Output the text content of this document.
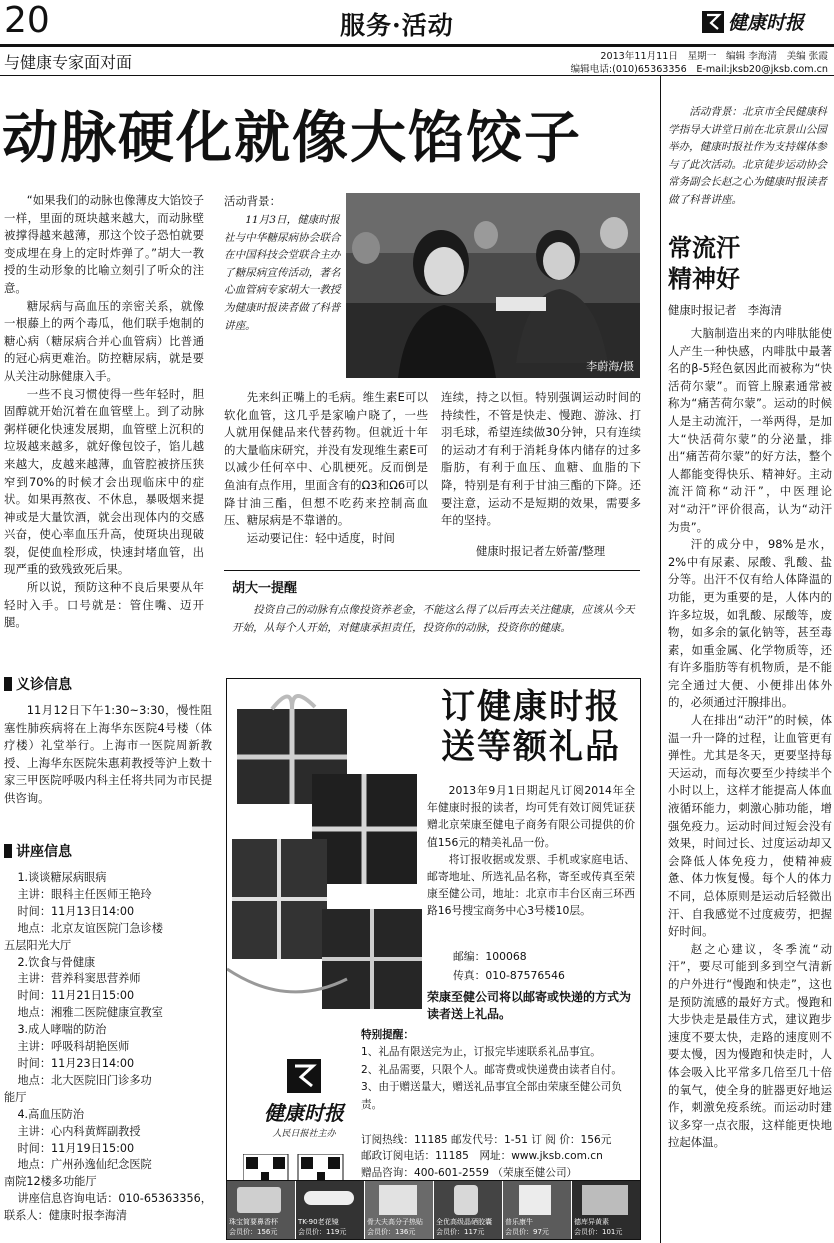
20	服务·活动	健康时报
与健康专家面对面	2013年11月11日　星期一　编辑 李海清　美编 张霞
编辑电话:(010)65363356　E-mail:jksb20@jksb.com.cn
动脉硬化就像大馅饺子

“如果我们的动脉也像薄皮大馅饺子一样，里面的斑块越来越大，而动脉壁被撑得越来越薄，那这个饺子恐怕就要变成埋在身上的定时炸弹了。”胡大一教授的生动形象的比喻立刻引了听众的注意。

糖尿病与高血压的亲密关系，就像一根藤上的两个毒瓜，他们联手炮制的糖心病（糖尿病合并心血管病）比普通的冠心病更难治。防控糖尿病，就是要从关注动脉健康入手。

一些不良习惯使得一些年轻时，胆固醇就开始沉着在血管壁上。到了动脉粥样硬化快速发展期，血管壁上沉积的垃圾越来越多，就好像包饺子，馅儿越来越大，皮越来越薄，血管腔被挤压狭窄到70%的时候才会出现临床中的症状。如果再熬夜、不休息，暴吸烟来提神或是大量饮酒，就会出现体内的交感兴奋，使心率血压升高，使斑块出现破裂，促使血栓形成，快速封堵血管，出现严重的致残致死后果。

所以说，预防这种不良后果要从年轻时入手。口号就是：管住嘴、迈开腿。

活动背景：

11月3日，健康时报社与中华糖尿病协会联合在中国科技会堂联合主办了糖尿病宣传活动，著名心血管病专家胡大一教授为健康时报读者做了科普讲座。

李蔚海/摄

先来纠正嘴上的毛病。维生素E可以软化血管，这几乎是家喻户晓了，一些人就用保健品来代替药物。但就近十年的大量临床研究，并没有发现维生素E可以减少任何卒中、心肌梗死。反而倒是鱼油有点作用，里面含有的Ω3和Ω6可以降甘油三酯，但想不吃药来控制高血压、糖尿病是不靠谱的。

运动要记住：轻中适度，时间

连续，持之以恒。特别强调运动时间的持续性，不管是快走、慢跑、游泳、打羽毛球，希望连续做30分钟，只有连续的运动才有利于消耗身体内储存的过多脂肪，有利于血压、血糖、血脂的下降，特别是有利于甘油三酯的下降。还要注意，运动不是短期的效果，需要多年的坚持。

健康时报记者左娇蕾/整理
胡大一提醒

投资自己的动脉有点像投资养老金，不能这么得了以后再去关注健康，应该从今天开始，从每个人开始，对健康承担责任，投资你的动脉，投资你的健康。

义诊信息

11月12日下午1:30~3:30，慢性阻塞性肺疾病将在上海华东医院4号楼（体疗楼）礼堂举行。上海市一医院周新教授、上海华东医院朱惠莉教授等沪上数十家三甲医院呼吸内科主任将共同为市民提供咨询。

讲座信息

1.谈谈糖尿病眼病

主讲：眼科主任医师王艳玲

时间：11月13日14:00

地点：北京友谊医院门急诊楼

五层阳光大厅

2.饮食与骨健康

主讲：营养科窦思营养师

时间：11月21日15:00

地点：湘雅二医院健康宣教室

3.成人哮喘的防治

主讲：呼吸科胡艳医师

时间：11月23日14:00

地点：北大医院旧门诊多功

能厅

4.高血压防治

主讲：心内科黄辉副教授

时间：11月19日15:00

地点：广州孙逸仙纪念医院

南院12楼多功能厅

讲座信息咨询电话：010-65363356，联系人：健康时报李海清

订健康时报
送等额礼品

2013年9月1日期起凡订阅2014年全年健康时报的读者，均可凭有效订阅凭证获赠北京荣康至健电子商务有限公司提供的价值156元的精美礼品一份。

将订报收据或发票、手机或家庭电话、邮寄地址、所选礼品名称，寄至或传真至荣康至健公司，地址：北京市丰台区南三环西路16号搜宝商务中心3号楼10层。

邮编：100068
传真：010-87576546
荣康至健公司将以邮寄或快递的方式为读者送上礼品。
特别提醒：
1、礼品有限送完为止，订报完毕速联系礼品事宜。
2、礼品需要，只限个人。邮寄费或快递费由读者自付。
3、由于赠送量大，赠送礼品事宜全部由荣康至健公司负责。
健康时报
人民日报社主办	订阅热线：11185 邮发代号：1-51 订 阅 价：156元
邮政订阅电话：11185　网址：www.jksb.com.cn
赠品咨询：400-601-2559 （荣康至健公司）
珠宝简要鼻香杯
会员价：156元
TK-90老花镜
会员价：119元
骨大夫高分子热贴
会员价：136元
全优高级晶硒胶囊
会员价：117元
普乐康牛
会员价：97元
德库异黄素
会员价：101元

活动背景：北京市全民健康科学指导大讲堂日前在北京景山公园举办，健康时报社作为支持媒体参与了此次活动。北京徒步运动协会常务副会长赵之心为健康时报读者做了科普讲座。

常流汗
精神好
健康时报记者　李海清

大脑制造出来的内啡肽能使人产生一种快感，内啡肽中最著名的β-5羟色氨因此而被称为“快活荷尔蒙”。而管上腺素通常被称为“痛苦荷尔蒙”。运动的时候人是主动流汗，一举两得，是加大“快活荷尔蒙”的分泌量，排出“痛苦荷尔蒙”的好方法，整个人都能变得快乐、精神好。主动流汗简称“动汗”，中医理论对“动汗”评价很高，认为“动汗为贵”。

汗的成分中，98%是水，2%中有尿素、尿酸、乳酸、盐分等。出汗不仅有给人体降温的功能，更为重要的是，人体内的许多垃圾，如乳酸、尿酸等，废物，如多余的氯化钠等，甚至毒素，如重金属、化学物质等，还有许多脂肪等有机物质，是不能完全通过大便、小便排出体外的，必须通过汗腺排出。

人在排出“动汗”的时候，体温一升一降的过程，让血管更有弹性。尤其是冬天，更要坚持每天运动，而每次要至少持续半个小时以上，这样才能提高人体血液循环能力，刺激心肺功能，增强免疫力。运动时间过短会没有效果，时间过长、过度运动却又会降低人体免疫力，使精神疲惫、体力恢复慢。每个人的体力不同，总体原则是运动后轻微出汗、自我感觉不过度疲劳，把握好时间。

赵之心建议，冬季流“动汗”，要尽可能到多到空气清新的户外进行“慢跑和快走”，这也是预防流感的最好方式。慢跑和大步快走是最佳方式，建议跑步速度不要太快，走路的速度则不要太慢，因为慢跑和快走时，人体会吸入比平常多几倍至几十倍的氧气，使全身的脏器更好地运作，刺激免疫系统。而运动时建议多穿一点衣服，这样能更快地拉起体温。
